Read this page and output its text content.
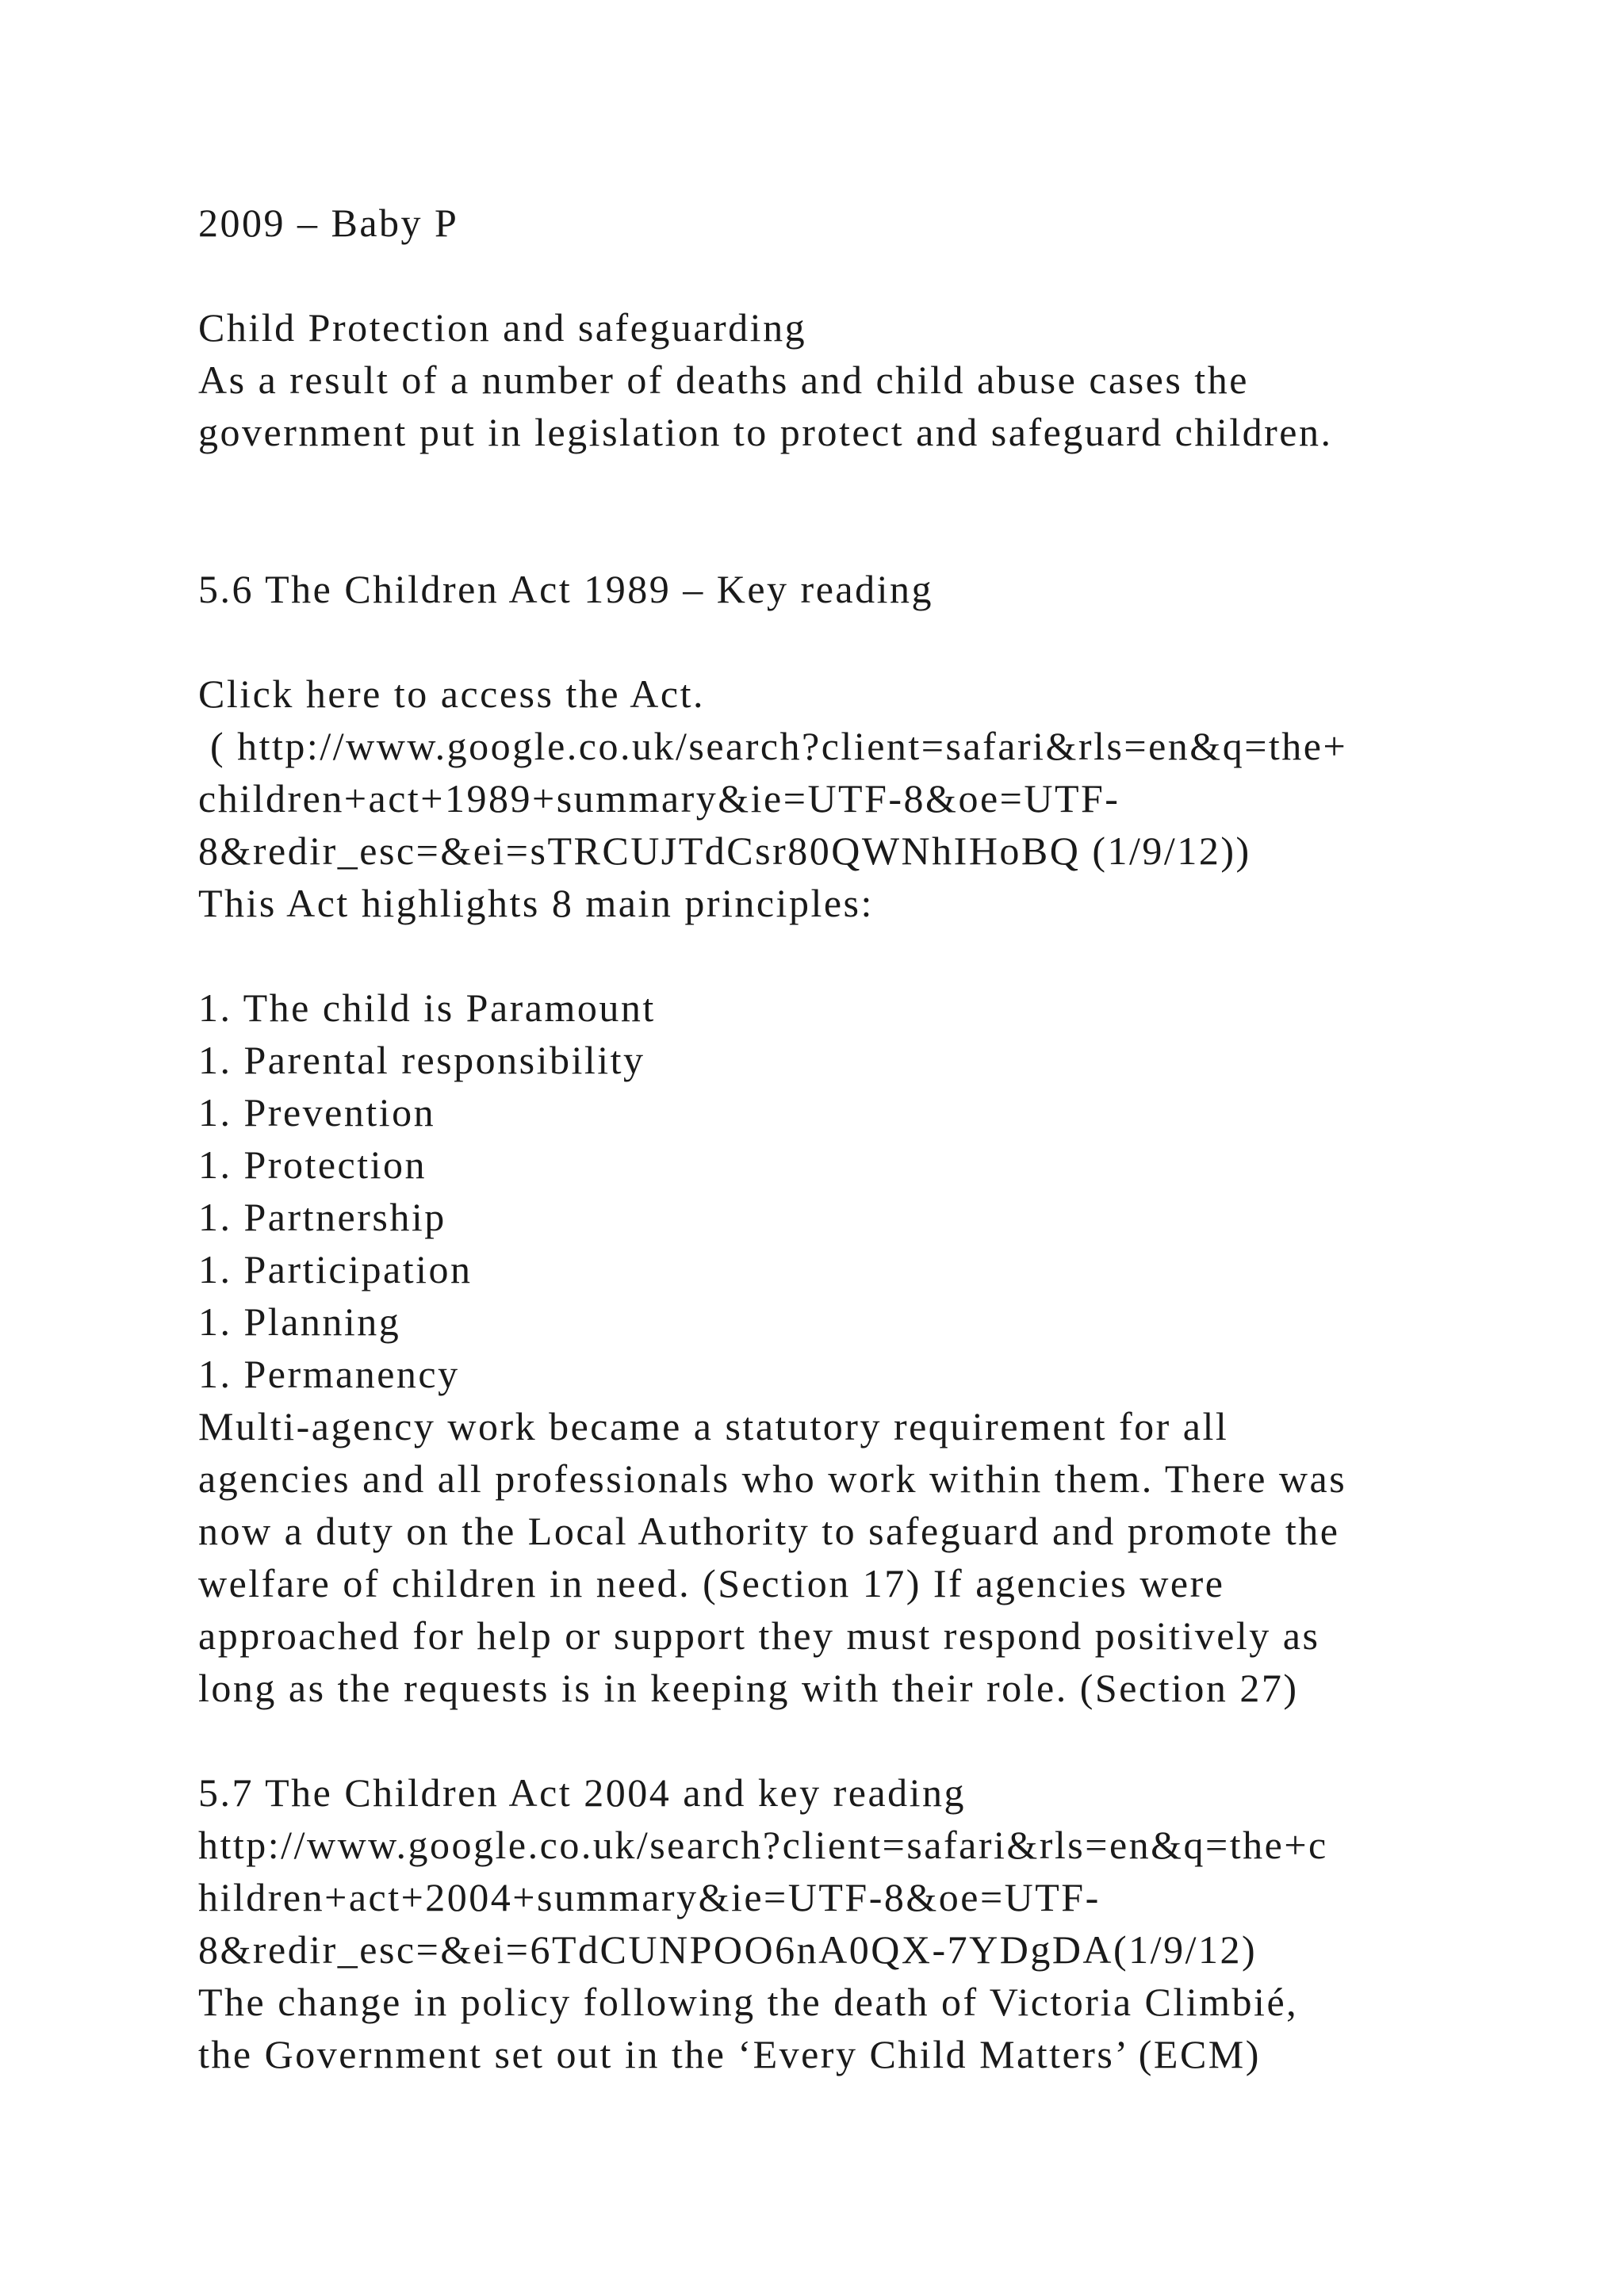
2009 – Baby P
Child Protection and safeguarding
As a result of a number of deaths and child abuse cases the
government put in legislation to protect and safeguard children.
5.6 The Children Act 1989 – Key reading
Click here to access the Act.
( http://www.google.co.uk/search?client=safari&rls=en&q=the+
children+act+1989+summary&ie=UTF-8&oe=UTF-
8&redir_esc=&ei=sTRCUJTdCsr80QWNhIHoBQ (1/9/12))
This Act highlights 8 main principles:
1. The child is Paramount
1. Parental responsibility
1. Prevention
1. Protection
1. Partnership
1. Participation
1. Planning
1. Permanency
Multi-agency work became a statutory requirement for all
agencies and all professionals who work within them. There was
now a duty on the Local Authority to safeguard and promote the
welfare of children in need. (Section 17) If agencies were
approached for help or support they must respond positively as
long as the requests is in keeping with their role. (Section 27)
5.7 The Children Act 2004 and key reading
http://www.google.co.uk/search?client=safari&rls=en&q=the+c
hildren+act+2004+summary&ie=UTF-8&oe=UTF-
8&redir_esc=&ei=6TdCUNPOO6nA0QX-7YDgDA(1/9/12)
The change in policy following the death of Victoria Climbié,
the Government set out in the ‘Every Child Matters’ (ECM)
